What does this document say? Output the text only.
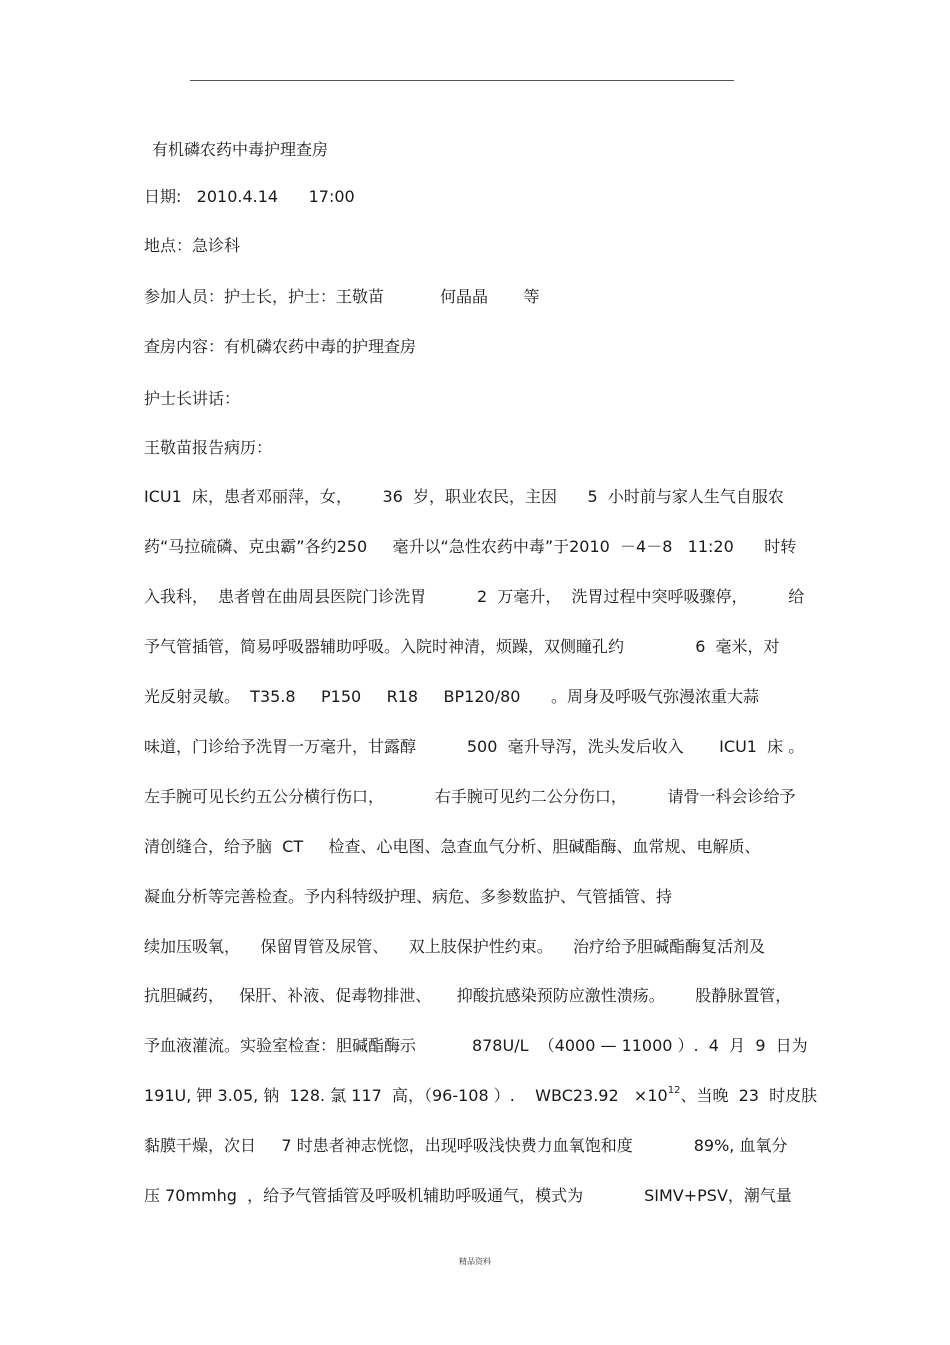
有机磷农药中毒护理查房
日期:   2010.4.14      17:00
地点：急诊科
参加人员：护士长，护士：王敬苗           何晶晶       等
查房内容：有机磷农药中毒的护理查房
护士长讲话：
王敬苗报告病历：
ICU1  床，患者邓丽萍，女，      36  岁，职业农民，主因      5  小时前与家人生气自服农
药“马拉硫磷、克虫霸”各约250     毫升以“急性农药中毒”于2010  －4－8   11:20      时转
入我科，  患者曾在曲周县医院门诊洗胃          2  万毫升，  洗胃过程中突呼吸骤停，        给
予气管插管，简易呼吸器辅助呼吸。入院时神清，烦躁，双侧瞳孔约              6  毫米，对
光反射灵敏。  T35.8     P150     R18     BP120/80      。周身及呼吸气弥漫浓重大蒜
味道，门诊给予洗胃一万毫升，甘露醇          500  毫升导泻，洗头发后收入       ICU1  床 。
左手腕可见长约五公分横行伤口，          右手腕可见约二公分伤口，        请骨一科会诊给予
清创缝合，给予脑  CT     检查、心电图、急查血气分析、胆碱酯酶、血常规、电解质、
凝血分析等完善检查。予内科特级护理、病危、多参数监护、气管插管、持
续加压吸氧，    保留胃管及尿管、    双上肢保护性约束。    治疗给予胆碱酯酶复活剂及
抗胆碱药，   保肝、补液、促毒物排泄、     抑酸抗感染预防应激性溃疡。      股静脉置管，
予血液灌流。实验室检查：胆碱酯酶示           878U/L  （4000 — 11000 ）.  4  月  9  日为
191U, 钾 3.05, 钠  128. 氯 117  高，（96-108 ）.    $WBC23.92 \times 10^{12}$、当晚  23  时皮肤
黏膜干燥，次日     7 时患者神志恍惚，出现呼吸浅快费力血氧饱和度            89%, 血氧分
压 70mmhg  ，给予气管插管及呼吸机辅助呼吸通气，模式为            SIMV+PSV，潮气量
精品资料
